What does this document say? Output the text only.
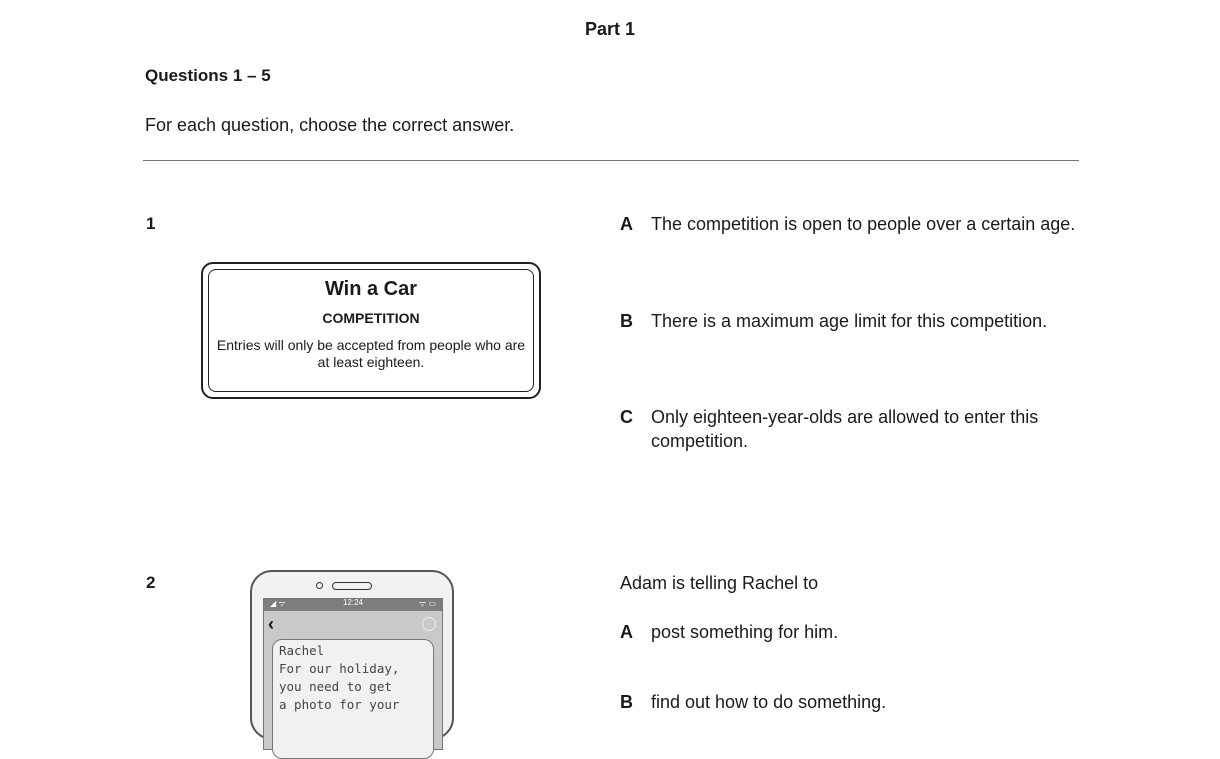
Part 1
Questions 1 – 5
For each question, choose the correct answer.
1
Win a Car
COMPETITION
Entries will only be accepted from people who are at least eighteen.
A The competition is open to people over a certain age.
B There is a maximum age limit for this competition.
C Only eighteen-year-olds are allowed to enter this competition.
2
◢ ᯤ	12:24	ᯤ ▭
‹
Rachel
For our holiday,
you need to get
a photo for your
Adam is telling Rachel to
A post something for him.
B find out how to do something.
